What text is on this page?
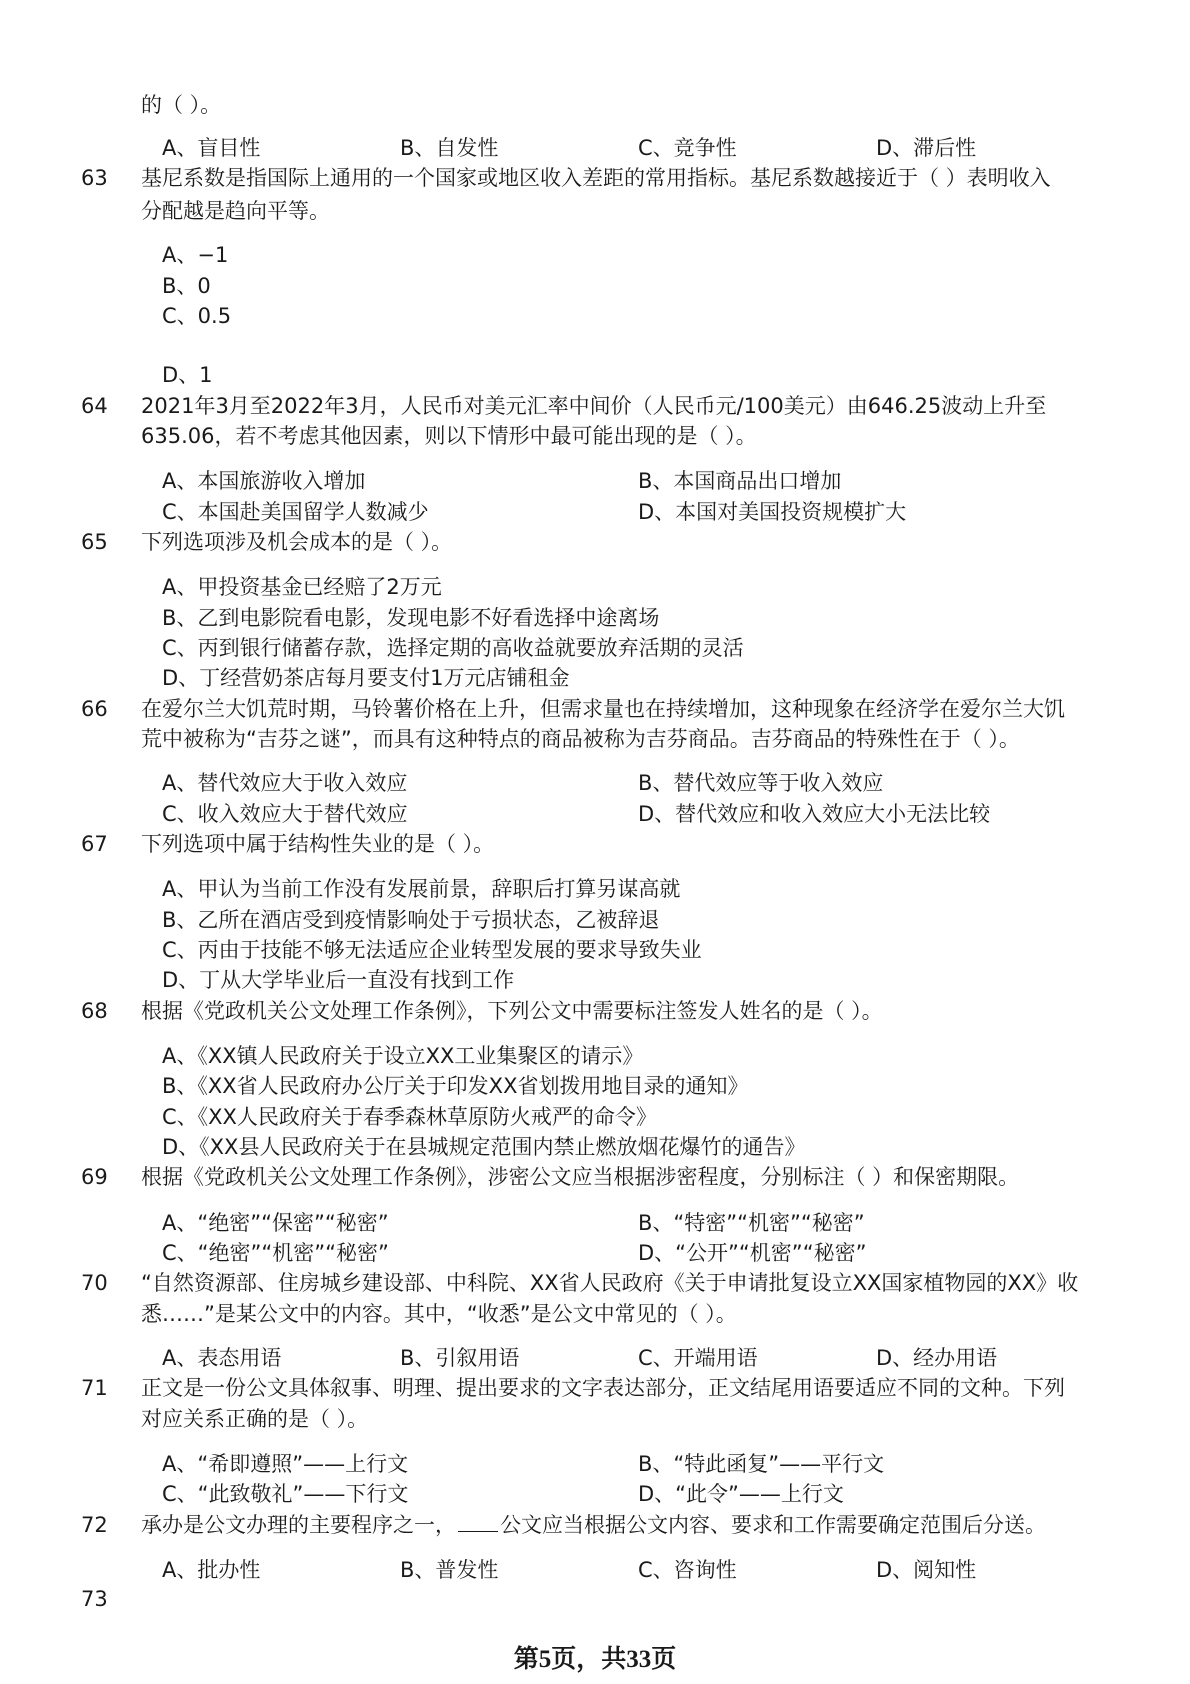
的（ ）。
A、盲目性	B、自发性	C、竞争性	D、滞后性
63 基尼系数是指国际上通用的一个国家或地区收入差距的常用指标。基尼系数越接近于（ ）表明收入
分配越是趋向平等。
A、−1
B、0
C、0.5
D、1
64 2021年3月至2022年3月，人民币对美元汇率中间价（人民币元/100美元）由646.25波动上升至
635.06，若不考虑其他因素，则以下情形中最可能出现的是（ ）。
A、本国旅游收入增加	B、本国商品出口增加
C、本国赴美国留学人数减少	D、本国对美国投资规模扩大
65 下列选项涉及机会成本的是（ ）。
A、甲投资基金已经赔了2万元
B、乙到电影院看电影，发现电影不好看选择中途离场
C、丙到银行储蓄存款，选择定期的高收益就要放弃活期的灵活
D、丁经营奶茶店每月要支付1万元店铺租金
66 在爱尔兰大饥荒时期，马铃薯价格在上升，但需求量也在持续增加，这种现象在经济学在爱尔兰大饥
荒中被称为“吉芬之谜”，而具有这种特点的商品被称为吉芬商品。吉芬商品的特殊性在于（ ）。
A、替代效应大于收入效应	B、替代效应等于收入效应
C、收入效应大于替代效应	D、替代效应和收入效应大小无法比较
67 下列选项中属于结构性失业的是（ ）。
A、甲认为当前工作没有发展前景，辞职后打算另谋高就
B、乙所在酒店受到疫情影响处于亏损状态，乙被辞退
C、丙由于技能不够无法适应企业转型发展的要求导致失业
D、丁从大学毕业后一直没有找到工作
68 根据《党政机关公文处理工作条例》，下列公文中需要标注签发人姓名的是（ ）。
A、《XX镇人民政府关于设立XX工业集聚区的请示》
B、《XX省人民政府办公厅关于印发XX省划拨用地目录的通知》
C、《XX人民政府关于春季森林草原防火戒严的命令》
D、《XX县人民政府关于在县城规定范围内禁止燃放烟花爆竹的通告》
69 根据《党政机关公文处理工作条例》，涉密公文应当根据涉密程度，分别标注（ ）和保密期限。
A、“绝密”“保密”“秘密”	B、“特密”“机密”“秘密”
C、“绝密”“机密”“秘密”	D、“公开”“机密”“秘密”
70 “自然资源部、住房城乡建设部、中科院、XX省人民政府《关于申请批复设立XX国家植物园的XX》收
悉……”是某公文中的内容。其中，“收悉”是公文中常见的（ ）。
A、表态用语	B、引叙用语	C、开端用语	D、经办用语
71 正文是一份公文具体叙事、明理、提出要求的文字表达部分，正文结尾用语要适应不同的文种。下列
对应关系正确的是（ ）。
A、“希即遵照”——上行文	B、“特此函复”——平行文
C、“此致敬礼”——下行文	D、“此令”——上行文
72 承办是公文办理的主要程序之一， 公文应当根据公文内容、要求和工作需要确定范围后分送。
A、批办性	B、普发性	C、咨询性	D、阅知性
73
第5页，共33页
